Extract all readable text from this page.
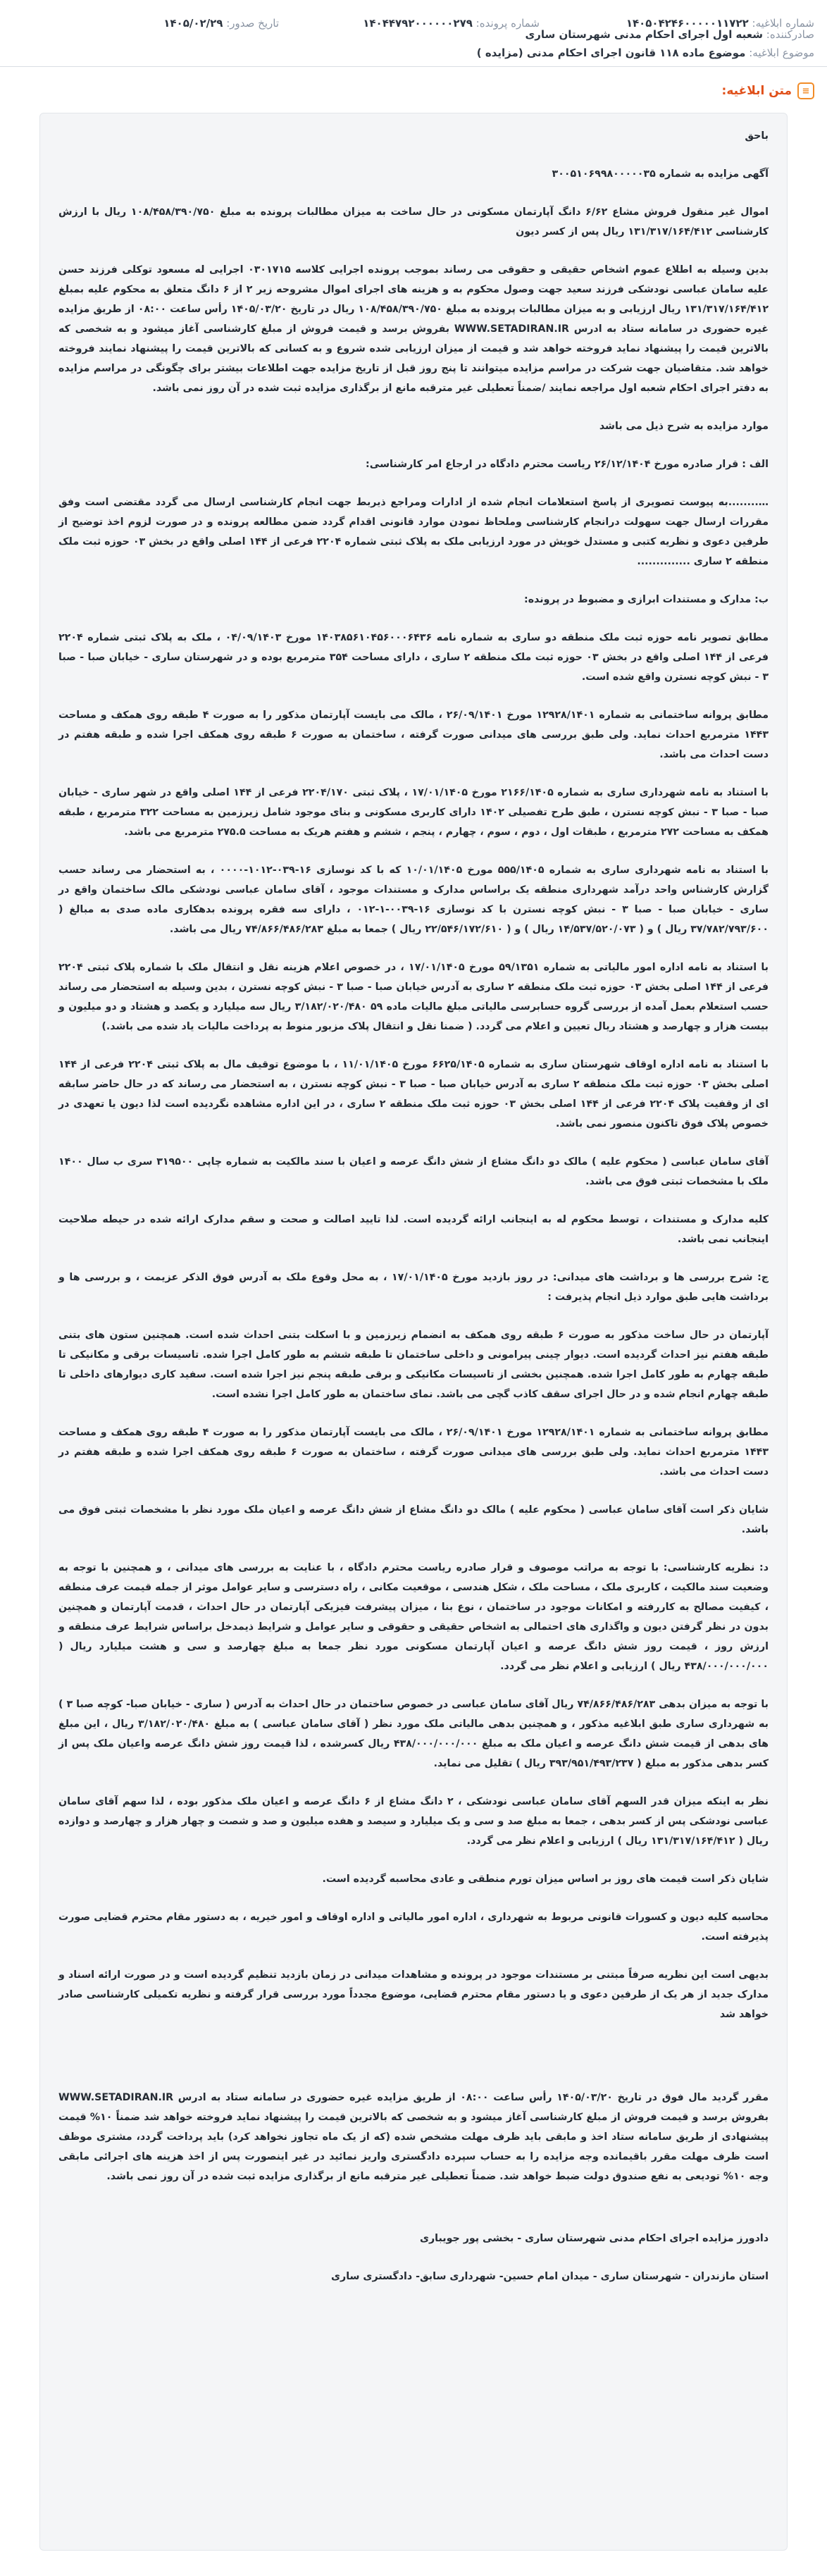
شماره ابلاغیه: ۱۴۰۵۰۴۲۴۶۰۰۰۰۰۱۱۷۲۲
شماره پرونده: ۱۴۰۴۴۷۹۲۰۰۰۰۰۰۲۷۹
تاریخ صدور: ۱۴۰۵/۰۲/۲۹
صادرکننده: شعبه اول اجرای احکام مدنی شهرستان ساری
موضوع ابلاغیه: موضوع ماده ۱۱۸ قانون اجرای احکام مدنی (مزایده )
≡
متن ابلاغیه:

باحق

آگهی مزایده به شماره ۳۰۰۵۱۰۶۹۹۸۰۰۰۰۰۳۵

اموال غیر منقول فروش مشاع ۶/۶۲ دانگ آپارتمان مسکونی در حال ساخت به میزان مطالبات پرونده به مبلغ ۱۰۸/۴۵۸/۳۹۰/۷۵۰ ریال با ارزش کارشناسی ۱۳۱/۳۱۷/۱۶۴/۴۱۲ ریال پس از کسر دیون

بدین وسیله به اطلاع عموم اشخاص حقیقی و حقوقی می رساند بموجب پرونده اجرایی کلاسه ۰۳۰۱۷۱۵ اجرایی له مسعود توکلی فرزند حسن علیه سامان عباسی نودشکی فرزند سعید جهت وصول محکوم به و هزینه های اجرای اموال مشروحه زیر ۲ از ۶ دانگ متعلق به محکوم علیه بمبلغ ۱۳۱/۳۱۷/۱۶۴/۴۱۲ ریال ارزیابی و به میزان مطالبات پرونده به مبلغ ۱۰۸/۴۵۸/۳۹۰/۷۵۰ ریال در تاریخ ۱۴۰۵/۰۳/۲۰ رأس ساعت ۰۸:۰۰ از طریق مزایده غیره حضوری در سامانه ستاد به ادرس WWW.SETADIRAN.IR بفروش برسد و قیمت فروش از مبلغ کارشناسی آغاز میشود و به شخصی که بالاترین قیمت را پیشنهاد نماید فروخته خواهد شد و قیمت از میزان ارزیابی شده شروع و به کسانی که بالاترین قیمت را پیشنهاد نمایند فروخته خواهد شد. متقاضیان جهت شرکت در مراسم مزایده میتوانند تا پنج روز قبل از تاریخ مزایده جهت اطلاعات بیشتر برای چگونگی در مراسم مزایده به دفتر اجرای احکام شعبه اول مراجعه نمایند /ضمناً تعطیلی غیر مترقبه مانع از برگذاری مزایده ثبت شده در آن روز نمی باشد.

موارد مزایده به شرح ذیل می باشد

الف : قرار صادره مورخ ۲۶/۱۲/۱۴۰۴ ریاست محترم دادگاه در ارجاع امر کارشناسی:

…........به پیوست تصویری از پاسخ استعلامات انجام شده از ادارات ومراجع ذیربط جهت انجام کارشناسی ارسال می گردد مقتضی است وفق مقررات ارسال جهت سهولت درانجام کارشناسی وملحاظ نمودن موارد قانونی اقدام گردد ضمن مطالعه پرونده و در صورت لزوم اخذ توضیح از طرفین دعوی و نظریه کتبی و مستدل خویش در مورد ارزیابی ملک به پلاک ثبتی شماره ۲۲۰۴ فرعی از ۱۴۴ اصلی واقع در بخش ۰۳ حوزه ثبت ملک منطقه ۲ ساری ..............

ب: مدارک و مستندات ابرازی و مضبوط در پرونده:

مطابق تصویر نامه حوزه ثبت ملک منطقه دو ساری به شماره نامه ۱۴۰۳۸۵۶۱۰۴۵۶۰۰۰۶۴۳۶ مورخ ۰۴/۰۹/۱۴۰۳ ، ملک به پلاک ثبتی شماره ۲۲۰۴ فرعی از ۱۴۴ اصلی واقع در بخش ۰۳ حوزه ثبت ملک منطقه ۲ ساری ، دارای مساحت ۳۵۴ مترمربع بوده و در شهرستان ساری - خیابان صبا - صبا ۳ - نبش کوچه نسترن واقع شده است.

مطابق پروانه ساختمانی به شماره ۱۲۹۲۸/۱۴۰۱ مورخ ۲۶/۰۹/۱۴۰۱ ، مالک می بایست آپارتمان مذکور را به صورت ۴ طبقه روی همکف و مساحت ۱۴۴۳ مترمربع احداث نماید. ولی طبق بررسی های میدانی صورت گرفته ، ساختمان به صورت ۶ طبقه روی همکف اجرا شده و طبقه هفتم در دست احداث می باشد.

با استناد به نامه شهرداری ساری به شماره ۲۱۶۶/۱۴۰۵ مورخ ۱۷/۰۱/۱۴۰۵ ، پلاک ثبتی ۲۲۰۴/۱۷۰ فرعی از ۱۴۴ اصلی واقع در شهر ساری - خیابان صبا - صبا ۳ - نبش کوچه نسترن ، طبق طرح تفصیلی ۱۴۰۲ دارای کاربری مسکونی و بنای موجود شامل زیرزمین به مساحت ۳۲۲ مترمربع ، طبقه همکف به مساحت ۲۷۲ مترمربع ، طبقات اول ، دوم ، سوم ، چهارم ، پنجم ، ششم و هفتم هریک به مساحت ۲۷۵.۵ مترمربع می باشد.

با استناد به نامه شهرداری ساری به شماره ۵۵۵/۱۴۰۵ مورخ ۱۰/۰۱/۱۴۰۵ که با کد نوسازی ۱۶-۰۳۹-۱۰۱۲-۰۰۰۰ ، به استحضار می رساند حسب گزارش کارشناس واحد درآمد شهرداری منطقه یک براساس مدارک و مستندات موجود ، آقای سامان عباسی نودشکی مالک ساختمان واقع در ساری - خیابان صبا - صبا ۳ - نبش کوچه نسترن با کد نوسازی ۱۶-۰۰۳۹-۱-۰۱۲ ، دارای سه فقره پرونده بدهکاری ماده صدی به مبالغ ( ۳۷/۷۸۲/۷۹۳/۶۰۰ ریال ) و ( ۱۴/۵۳۷/۵۲۰/۰۷۳ ریال ) و ( ۲۲/۵۴۶/۱۷۲/۶۱۰ ریال ) جمعا به مبلغ ۷۴/۸۶۶/۴۸۶/۲۸۳ ریال می باشد.

با استناد به نامه اداره امور مالیاتی به شماره ۵۹/۱۳۵۱ مورخ ۱۷/۰۱/۱۴۰۵ ، در خصوص اعلام هزینه نقل و انتقال ملک با شماره پلاک ثبتی ۲۲۰۴ فرعی از ۱۴۴ اصلی بخش ۰۳ حوزه ثبت ملک منطقه ۲ ساری به آدرس خیابان صبا - صبا ۳ - نبش کوچه نسترن ، بدین وسیله به استحضار می رساند حسب استعلام بعمل آمده از بررسی گروه حسابرسی مالیاتی مبلغ مالیات ماده ۵۹ ۳/۱۸۲/۰۲۰/۴۸۰ ریال سه میلیارد و یکصد و هشتاد و دو میلیون و بیست هزار و چهارصد و هشتاد ریال تعیین و اعلام می گردد. ( ضمنا نقل و انتقال پلاک مزبور منوط به پرداخت مالیات یاد شده می باشد.)

با استناد به نامه اداره اوقاف شهرستان ساری به شماره ۶۶۲۵/۱۴۰۵ مورخ ۱۱/۰۱/۱۴۰۵ ، با موضوع توقیف مال به پلاک ثبتی ۲۲۰۴ فرعی از ۱۴۴ اصلی بخش ۰۳ حوزه ثبت ملک منطقه ۲ ساری به آدرس خیابان صبا - صبا ۳ - نبش کوچه نسترن ، به استحضار می رساند که در حال حاضر سابقه ای از وقفیت پلاک ۲۲۰۴ فرعی از ۱۴۴ اصلی بخش ۰۳ حوزه ثبت ملک منطقه ۲ ساری ، در این اداره مشاهده نگردیده است لذا دیون یا تعهدی در خصوص پلاک فوق تاکنون منصور نمی باشد.

آقای سامان عباسی ( محکوم علیه ) مالک دو دانگ مشاع از شش دانگ عرصه و اعیان با سند مالکیت به شماره چاپی ۳۱۹۵۰۰ سری ب سال ۱۴۰۰ ملک با مشخصات ثبتی فوق می باشد.

کلیه مدارک و مستندات ، توسط محکوم له به اینجانب ارائه گردیده است. لذا تایید اصالت و صحت و سقم مدارک ارائه شده در حیطه صلاحیت اینجانب نمی باشد.

ج: شرح بررسی ها و برداشت های میدانی: در روز بازدید مورخ ۱۷/۰۱/۱۴۰۵ ، به محل وقوع ملک به آدرس فوق الذکر عزیمت ، و بررسی ها و برداشت هایی طبق موارد ذیل انجام پذیرفت :

آپارتمان در حال ساخت مذکور به صورت ۶ طبقه روی همکف به انضمام زیرزمین و با اسکلت بتنی احداث شده است. همچنین ستون های بتنی طبقه هفتم نیز احداث گردیده است. دیوار چینی پیرامونی و داخلی ساختمان تا طبقه ششم به طور کامل اجرا شده. تاسیسات برقی و مکانیکی تا طبقه چهارم به طور کامل اجرا شده. همچنین بخشی از تاسیسات مکانیکی و برقی طبقه پنجم نیز اجرا شده است. سفید کاری دیوارهای داخلی تا طبقه چهارم انجام شده و در حال اجرای سقف کاذب گچی می باشد. نمای ساختمان به طور کامل اجرا نشده است.

مطابق پروانه ساختمانی به شماره ۱۲۹۲۸/۱۴۰۱ مورخ ۲۶/۰۹/۱۴۰۱ ، مالک می بایست آپارتمان مذکور را به صورت ۴ طبقه روی همکف و مساحت ۱۴۴۳ مترمربع احداث نماید. ولی طبق بررسی های میدانی صورت گرفته ، ساختمان به صورت ۶ طبقه روی همکف اجرا شده و طبقه هفتم در دست احداث می باشد.

شایان ذکر است آقای سامان عباسی ( محکوم علیه ) مالک دو دانگ مشاع از شش دانگ عرصه و اعیان ملک مورد نظر با مشخصات ثبتی فوق می باشد.

د: نظریه کارشناسی: با توجه به مراتب موصوف و قرار صادره ریاست محترم دادگاه ، با عنایت به بررسی های میدانی ، و همچنین با توجه به وضعیت سند مالکیت ، کاربری ملک ، مساحت ملک ، شکل هندسی ، موقعیت مکانی ، راه دسترسی و سایر عوامل موثر از جمله قیمت عرف منطقه ، کیفیت مصالح به کاررفته و امکانات موجود در ساختمان ، نوع بنا ، میزان پیشرفت فیزیکی آپارتمان در حال احداث ، قدمت آپارتمان و همچنین بدون در نظر گرفتن دیون و واگذاری های احتمالی به اشخاص حقیقی و حقوقی و سایر عوامل و شرایط ذیمدخل براساس شرایط عرف منطقه و ارزش روز ، قیمت روز شش دانگ عرصه و اعیان آپارتمان مسکونی مورد نظر جمعا به مبلغ چهارصد و سی و هشت میلیارد ریال ( ۴۳۸/۰۰۰/۰۰۰/۰۰۰ ریال ) ارزیابی و اعلام نظر می گردد.

با توجه به میزان بدهی ۷۴/۸۶۶/۴۸۶/۲۸۳ ریال آقای سامان عباسی در خصوص ساختمان در حال احداث به آدرس ( ساری - خیابان صبا- کوچه صبا ۳ ) به شهرداری ساری طبق ابلاغیه مذکور ، و همچنین بدهی مالیاتی ملک مورد نظر ( آقای سامان عباسی ) به مبلغ ۳/۱۸۲/۰۲۰/۴۸۰ ریال ، این مبلغ های بدهی از قیمت شش دانگ عرصه و اعیان ملک به مبلغ ۴۳۸/۰۰۰/۰۰۰/۰۰۰ ریال کسرشده ، لذا قیمت روز شش دانگ عرصه واعیان ملک پس از کسر بدهی مذکور به مبلغ ( ۳۹۳/۹۵۱/۴۹۳/۲۳۷ ریال ) تقلیل می نماید.

نظر به اینکه میزان قدر السهم آقای سامان عباسی نودشکی ، ۲ دانگ مشاع از ۶ دانگ عرصه و اعیان ملک مذکور بوده ، لذا سهم آقای سامان عباسی نودشکی پس از کسر بدهی ، جمعا به مبلغ صد و سی و یک میلیارد و سیصد و هفده میلیون و صد و شصت و چهار هزار و چهارصد و دوازده ریال ( ۱۳۱/۳۱۷/۱۶۴/۴۱۲ ریال ) ارزیابی و اعلام نظر می گردد.

شایان ذکر است قیمت های روز بر اساس میزان تورم منطقی و عادی محاسبه گردیده است.

محاسبه کلیه دیون و کسورات قانونی مربوط به شهرداری ، اداره امور مالیاتی و اداره اوقاف و امور خیریه ، به دستور مقام محترم قضایی صورت پذیرفته است.

بدیهی است این نظریه صرفاً مبتنی بر مستندات موجود در پرونده و مشاهدات میدانی در زمان بازدید تنظیم گردیده است و در صورت ارائه اسناد و مدارک جدید از هر یک از طرفین دعوی و یا دستور مقام محترم قضایی، موضوع مجدداً مورد بررسی قرار گرفته و نظریه تکمیلی کارشناسی صادر خواهد شد

مقرر گردید مال فوق در تاریخ ۱۴۰۵/۰۳/۲۰ رأس ساعت ۰۸:۰۰ از طریق مزایده غیره حضوری در سامانه ستاد به ادرس WWW.SETADIRAN.IR بفروش برسد و قیمت فروش از مبلغ کارشناسی آغاز میشود و به شخصی که بالاترین قیمت را پیشنهاد نماید فروخته خواهد شد ضمناً ۱۰% قیمت پیشنهادی از طریق سامانه ستاد اخذ و مابقی باید ظرف مهلت مشخص شده (که از یک ماه تجاوز نخواهد کرد) باید پرداخت گردد، مشتری موظف است ظرف مهلت مقرر باقیمانده وجه مزایده را به حساب سپرده دادگستری واریز نمائید در غیر اینصورت پس از اخذ هزینه های اجرائی مابقی وجه ۱۰% تودیعی به نفع صندوق دولت ضبط خواهد شد. ضمناً تعطیلی غیر مترقبه مانع از برگذاری مزایده ثبت شده در آن روز نمی باشد.

دادورز مزایده اجرای احکام مدنی شهرستان ساری - بخشی پور جویباری

استان مازندران - شهرستان ساری - میدان امام حسین- شهرداری سابق- دادگستری ساری
